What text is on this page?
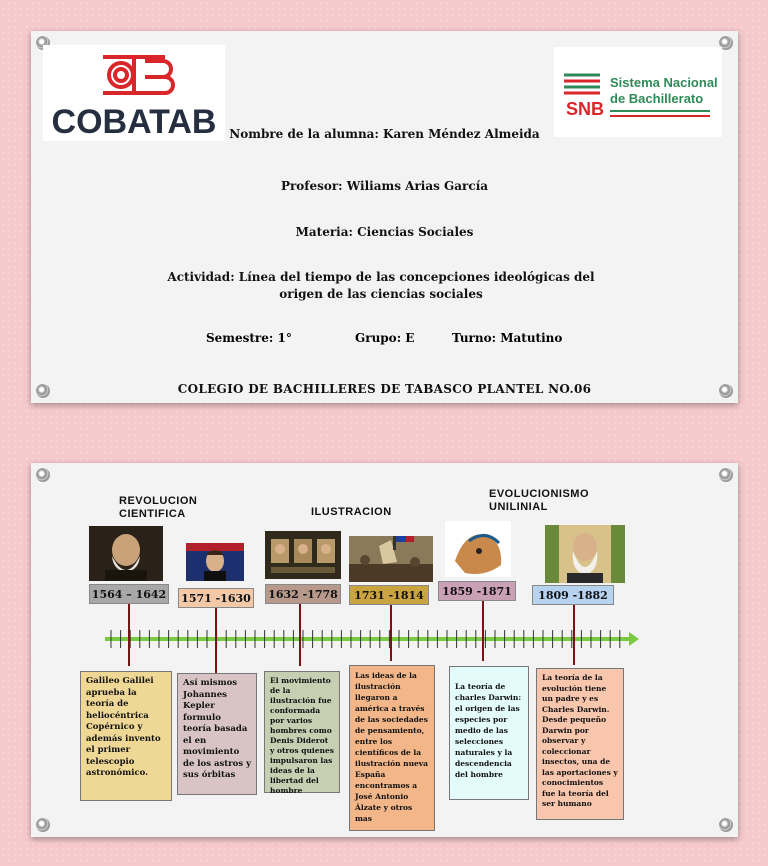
COBATAB	SNB
Sistema Nacional
de Bachillerato
Nombre de la alumna: Karen Méndez Almeida
Profesor: Wiliams Arias García
Materia: Ciencias Sociales
Actividad: Línea del tiempo de las concepciones ideológicas del origen de las ciencias sociales
Semestre: 1°	Grupo: E	Turno: Matutino
COLEGIO DE BACHILLERES DE TABASCO PLANTEL NO.06
REVOLUCION CIENTIFICA	ILUSTRACION
EVOLUCIONISMO UNILINIAL
1564 – 1642 1571 -1630 1632 -1778	1731 -1814	1859 -1871	1809 -1882
Galileo Galilei aprueba la teoría de heliocéntrica Copérnico y además invento el primer telescopio astronómico.
Así mismos Johannes Kepler formulo teoría basada el en movimiento de los astros y sus órbitas
El movimiento de la ilustración fue conformada por varios hombres como Denis Diderot y otros quienes impulsaron las ideas de la libertad del hombre
Las ideas de la ilustración llegaron a américa a través de las sociedades de pensamiento, entre los científicos de la ilustración nueva España encontramos a José Antonio Álzate y otros mas
La teoría de charles Darwin: el origen de las especies por medio de las selecciones naturales y la descendencia del hombre
La teoría de la evolución tiene un padre y es Charles Darwin. Desde pequeño Darwin por observar y coleccionar insectos, una de las aportaciones y conocimientos fue la teoría del ser humano
